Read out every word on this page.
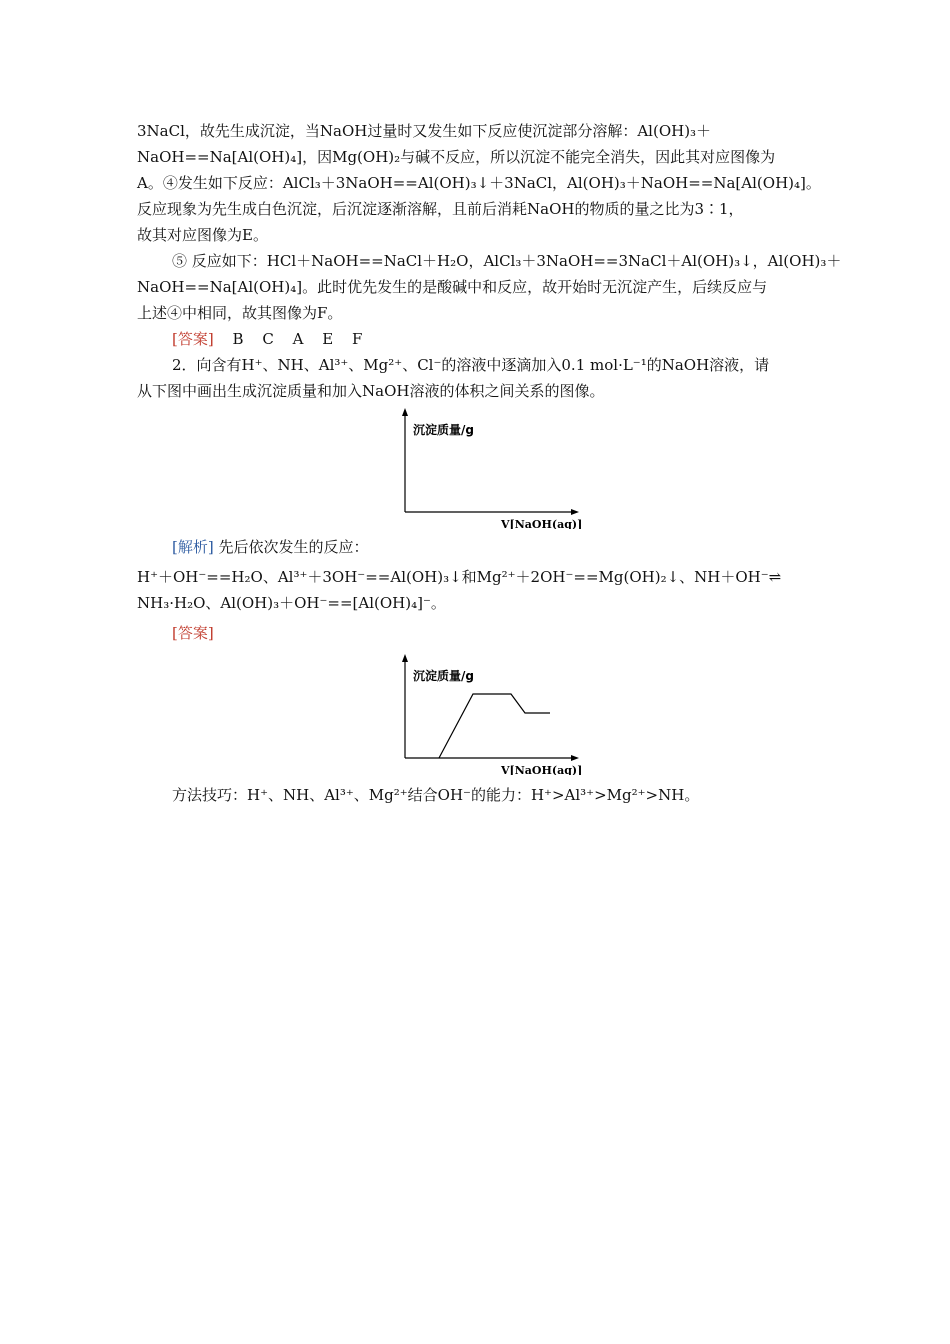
3NaCl，故先生成沉淀，当NaOH过量时又发生如下反应使沉淀部分溶解：Al(OH)₃＋
NaOH==Na[Al(OH)₄]，因Mg(OH)₂与碱不反应，所以沉淀不能完全消失，因此其对应图像为
A。④发生如下反应：AlCl₃＋3NaOH==Al(OH)₃↓＋3NaCl，Al(OH)₃＋NaOH==Na[Al(OH)₄]。
反应现象为先生成白色沉淀，后沉淀逐渐溶解，且前后消耗NaOH的物质的量之比为3∶1，
故其对应图像为E。
⑤ 反应如下：HCl＋NaOH==NaCl＋H₂O，AlCl₃＋3NaOH==3NaCl＋Al(OH)₃↓，Al(OH)₃＋
NaOH==Na[Al(OH)₄]。此时优先发生的是酸碱中和反应，故开始时无沉淀产生，后续反应与
上述④中相同，故其图像为F。
[答案] B C A E F
2．向含有H⁺、NH、Al³⁺、Mg²⁺、Cl⁻的溶液中逐滴加入0.1 mol·L⁻¹的NaOH溶液，请
从下图中画出生成沉淀质量和加入NaOH溶液的体积之间关系的图像。
沉淀质量/g
V[NaOH(aq)]
[解析] 先后依次发生的反应：
H⁺＋OH⁻==H₂O、Al³⁺＋3OH⁻==Al(OH)₃↓和Mg²⁺＋2OH⁻==Mg(OH)₂↓、NH＋OH⁻⇌
NH₃·H₂O、Al(OH)₃＋OH⁻==[Al(OH)₄]⁻。
[答案]
沉淀质量/g
V[NaOH(aq)]
方法技巧：H⁺、NH、Al³⁺、Mg²⁺结合OH⁻的能力：H⁺>Al³⁺>Mg²⁺>NH。
